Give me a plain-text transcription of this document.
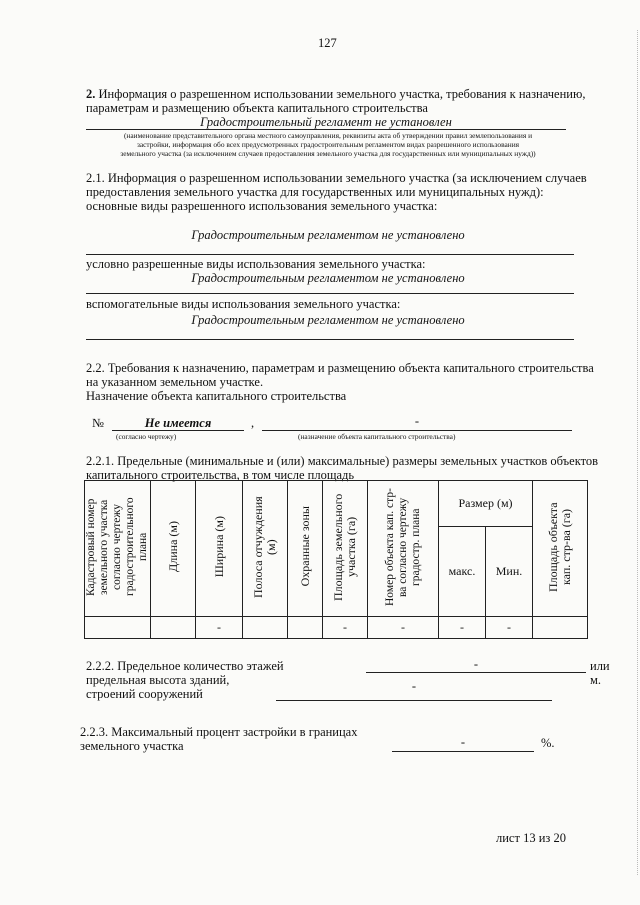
127
2. Информация о разрешенном использовании земельного участка, требования к назначению,
параметрам и размещению объекта капитального строительства
Градостроительный регламент не установлен
(наименование представительного органа местного самоуправления, реквизиты акта об утверждении правил землепользования и
застройки, информация обо всех предусмотренных градостроительным регламентом видах разрешенного использования
земельного участка (за исключением случаев предоставления земельного участка для государственных или муниципальных нужд))
2.1. Информация о разрешенном использовании земельного участка (за исключением случаев
предоставления земельного участка для государственных или муниципальных нужд):
основные виды разрешенного использования земельного участка:
Градостроительным регламентом не установлено
условно разрешенные виды использования земельного участка:
Градостроительным регламентом не установлено
вспомогательные виды использования земельного участка:
Градостроительным регламентом не установлено
2.2. Требования к назначению, параметрам и размещению объекта капитального строительства
на указанном земельном участке.
Назначение объекта капитального строительства
№	Не имеется	,	-
(согласно чертежу)	(назначение объекта капитального строительства)
2.2.1. Предельные (минимальные и (или) максимальные) размеры земельных участков объектов
капитального строительства, в том числе площадь
Кадастровый номер земельного участка согласно чертежу градостроительного плана	Длина (м)	Ширина (м)	Полоса отчуждения (м)	Охранные зоны	Площадь земельного участка (га)	Номер объекта кап. стр-ва согласно чертежу градостр. плана	Размер (м)		Площадь объекта кап. стр-ва (га)
							макс.	Мин.	
		-			-	-	-	-	
2.2.2. Предельное количество этажей	-	или
предельная высота зданий,	м.
строений сооружений
-
2.2.3. Максимальный процент застройки в границах
земельного участка	-	%.
лист 13 из 20
